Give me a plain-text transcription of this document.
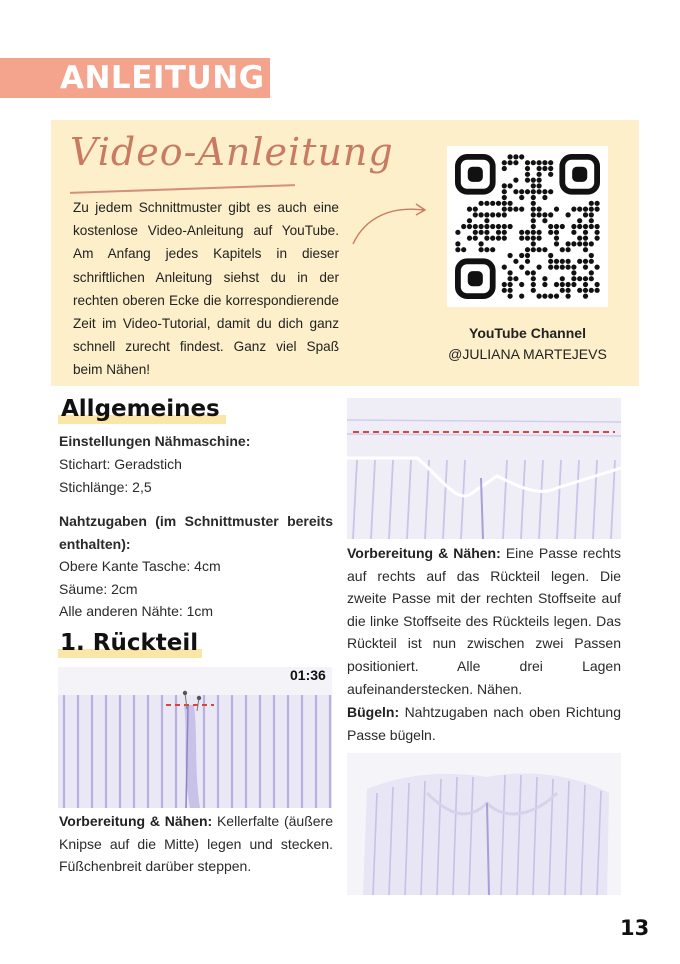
ANLEITUNG
Video-Anleitung
Zu jedem Schnittmuster gibt es auch eine kostenlose Video-Anleitung auf YouTube. Am Anfang jedes Kapitels in dieser schriftlichen Anleitung siehst du in der rechten oberen Ecke die korrespondierende Zeit im Video-Tutorial, damit du dich ganz schnell zurecht findest. Ganz viel Spaß beim Nähen!
YouTube Channel
@JULIANA MARTEJEVS
Allgemeines
Einstellungen Nähmaschine:
Stichart: Geradstich
Stichlänge: 2,5
Nahtzugaben (im Schnittmuster bereits enthalten):
Obere Kante Tasche: 4cm
Säume: 2cm
Alle anderen Nähte: 1cm
1. Rückteil
01:36
Vorbereitung & Nähen: Kellerfalte (äußere Knipse auf die Mitte) legen und stecken. Füßchenbreit darüber steppen.
Vorbereitung & Nähen: Eine Passe rechts auf rechts auf das Rückteil legen. Die zweite Passe mit der rechten Stoffseite auf die linke Stoffseite des Rückteils legen. Das Rückteil ist nun zwischen zwei Passen positioniert. Alle drei Lagen aufeinanderstecken. Nähen.
Bügeln: Nahtzugaben nach oben Richtung Passe bügeln.
13
